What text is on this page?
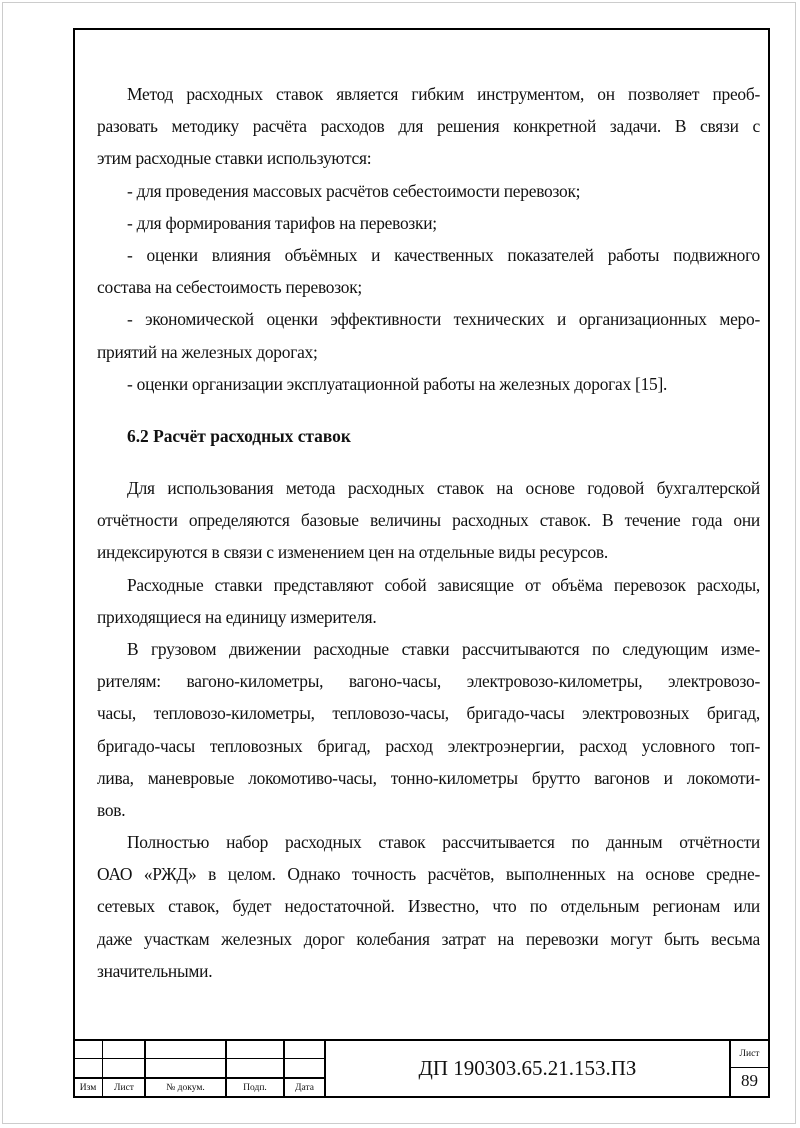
Метод расходных ставок является гибким инструментом, он позволяет преоб-
разовать методику расчёта расходов для решения конкретной задачи. В связи с
этим расходные ставки используются:
- для проведения массовых расчётов себестоимости перевозок;
- для формирования тарифов на перевозки;
- оценки влияния объёмных и качественных показателей работы подвижного
состава на себестоимость перевозок;
- экономической оценки эффективности технических и организационных меро-
приятий на железных дорогах;
- оценки организации эксплуатационной работы на железных дорогах [15].
6.2 Расчёт расходных ставок
Для использования метода расходных ставок на основе годовой бухгалтерской
отчётности определяются базовые величины расходных ставок. В течение года они
индексируются в связи с изменением цен на отдельные виды ресурсов.
Расходные ставки представляют собой зависящие от объёма перевозок расходы,
приходящиеся на единицу измерителя.
В грузовом движении расходные ставки рассчитываются по следующим изме-
рителям: вагоно-километры, вагоно-часы, электровозо-километры, электровозо-
часы, тепловозо-километры, тепловозо-часы, бригадо-часы электровозных бригад,
бригадо-часы тепловозных бригад, расход электроэнергии, расход условного топ-
лива, маневровые локомотиво-часы, тонно-километры брутто вагонов и локомоти-
вов.
Полностью набор расходных ставок рассчитывается по данным отчётности
ОАО «РЖД» в целом. Однако точность расчётов, выполненных на основе средне-
сетевых ставок, будет недостаточной. Известно, что по отдельным регионам или
даже участкам железных дорог колебания затрат на перевозки могут быть весьма
значительными.
Изм	Лист	№ докум.	Подп.	Дата
ДП 190303.65.21.153.ПЗ
Лист
89
